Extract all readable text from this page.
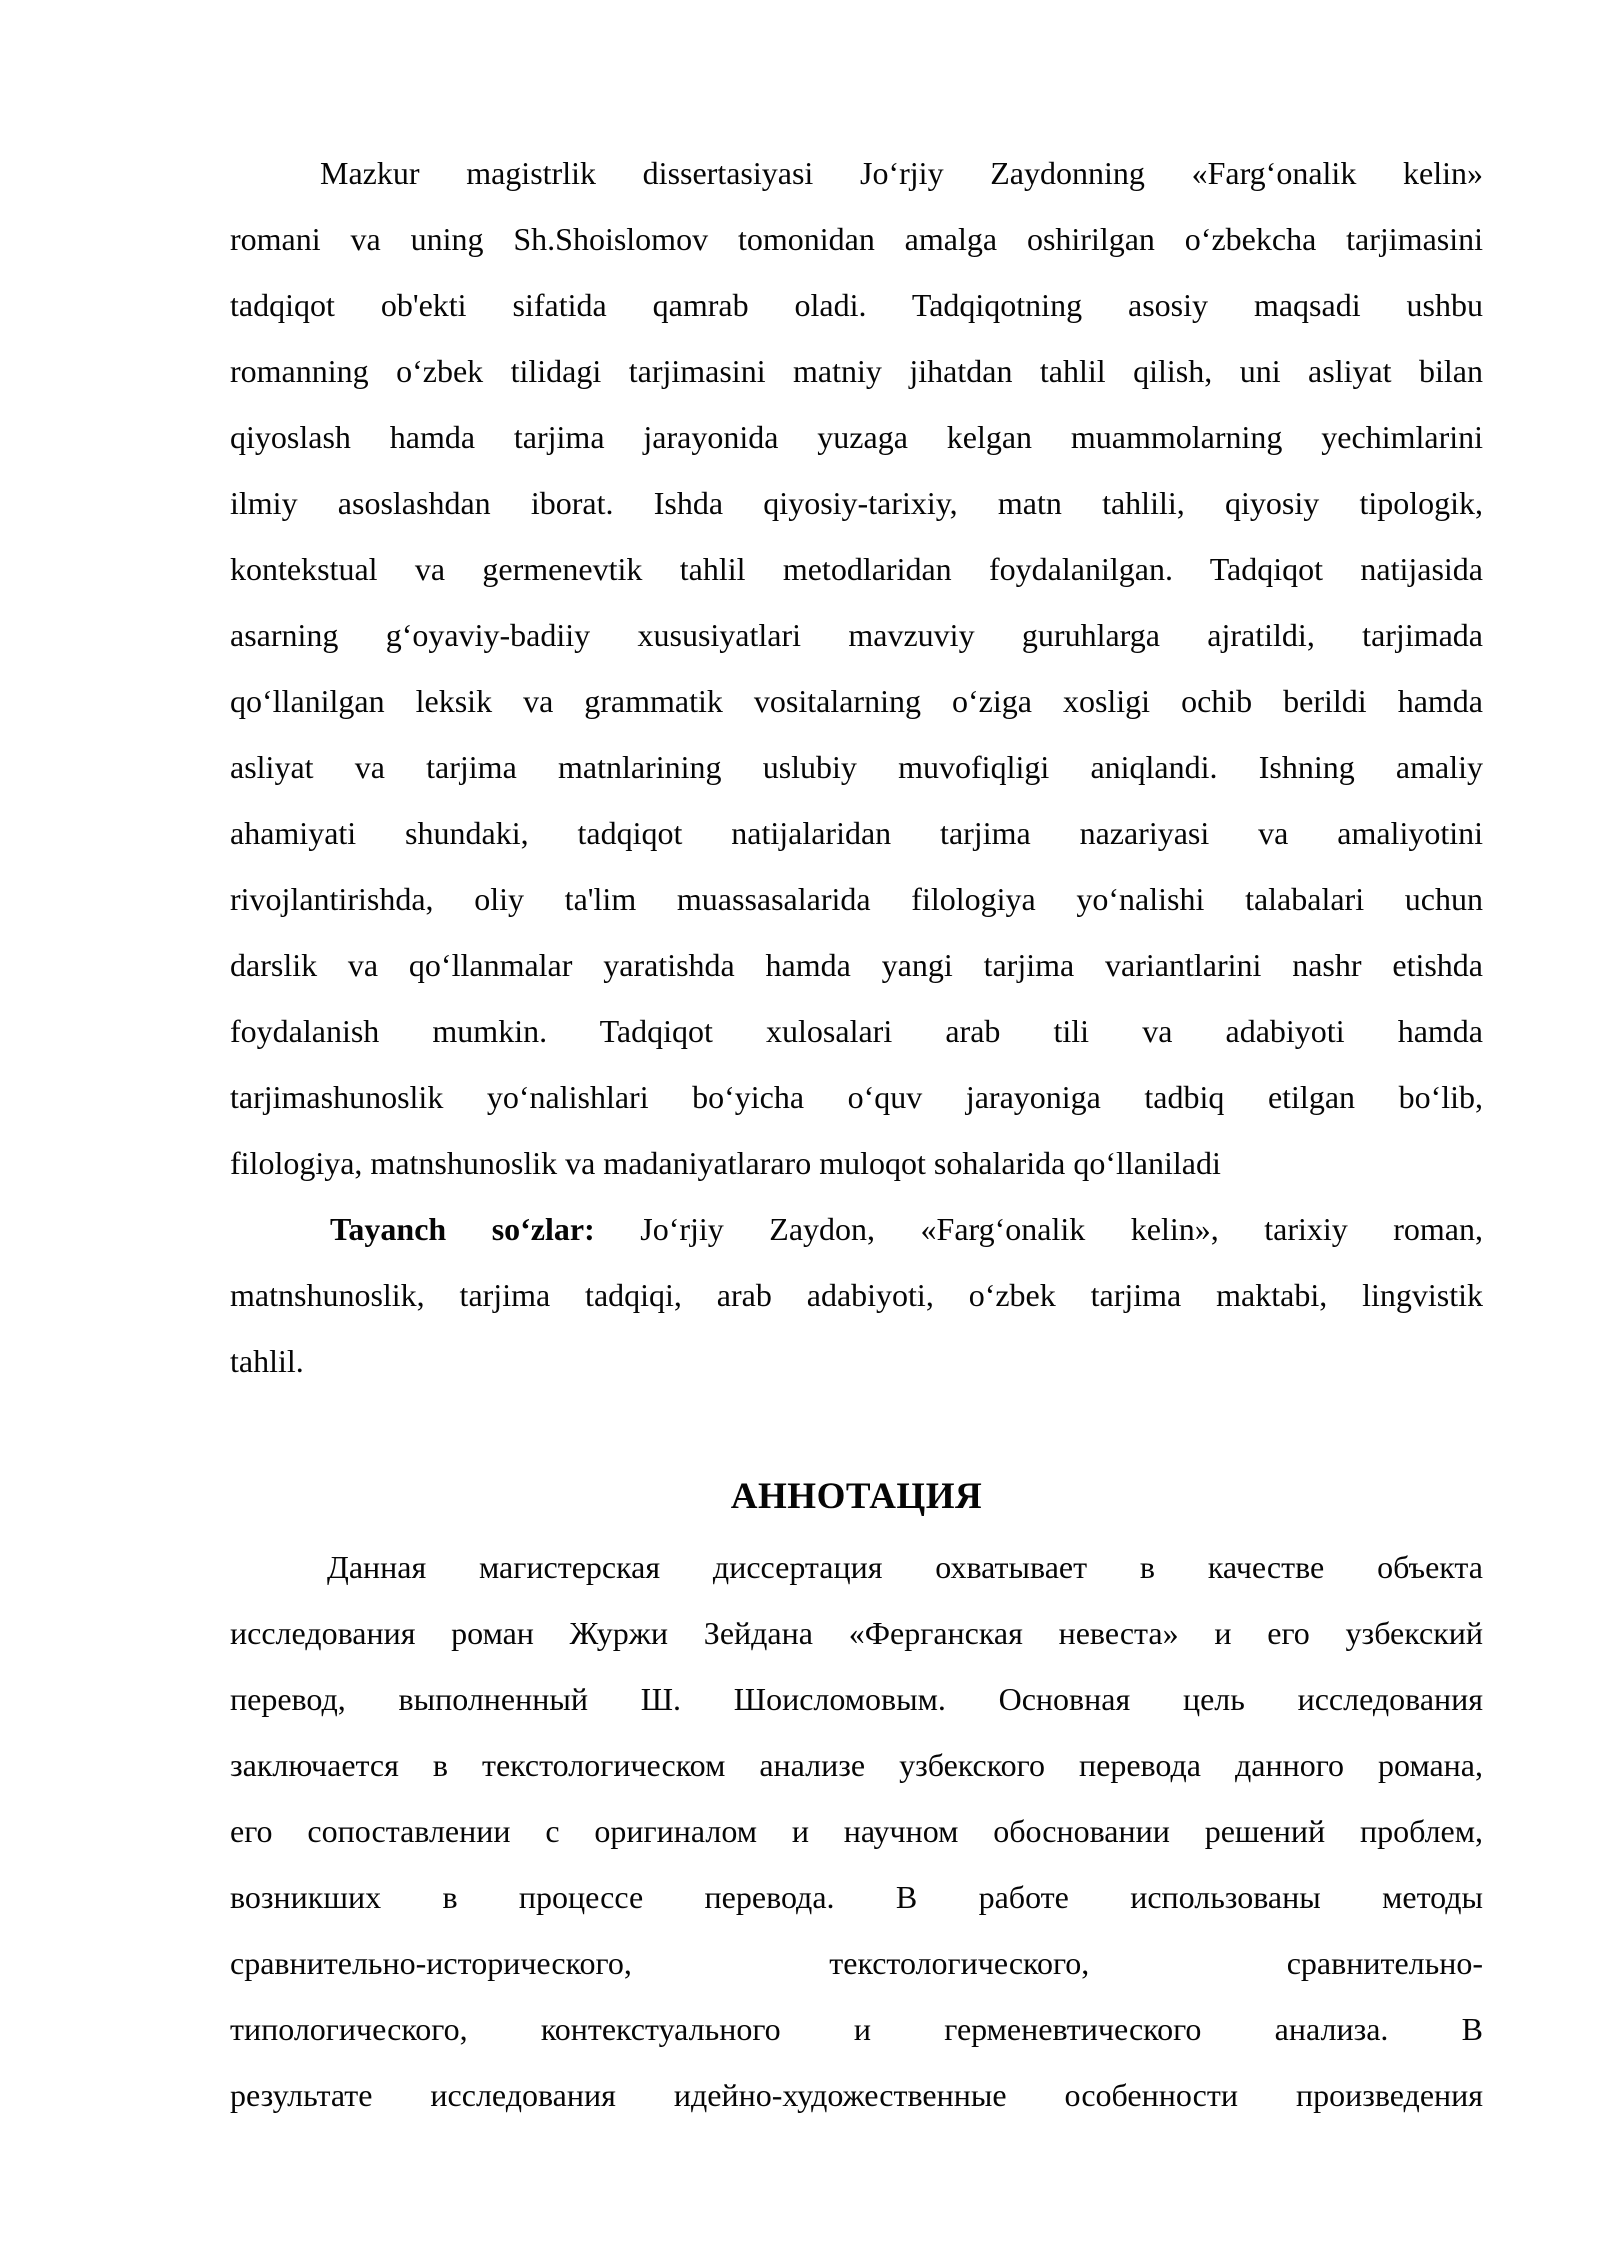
Mazkur magistrlik dissertasiyasi Jo‘rjiy Zaydonning «Farg‘onalik kelin»
romani va uning Sh.Shoislomov tomonidan amalga oshirilgan o‘zbekcha tarjimasini
tadqiqot ob'ekti sifatida qamrab oladi. Tadqiqotning asosiy maqsadi ushbu
romanning o‘zbek tilidagi tarjimasini matniy jihatdan tahlil qilish, uni asliyat bilan
qiyoslash hamda tarjima jarayonida yuzaga kelgan muammolarning yechimlarini
ilmiy asoslashdan iborat. Ishda qiyosiy-tarixiy, matn tahlili, qiyosiy tipologik,
kontekstual va germenevtik tahlil metodlaridan foydalanilgan. Tadqiqot natijasida
asarning g‘oyaviy-badiiy xususiyatlari mavzuviy guruhlarga ajratildi, tarjimada
qo‘llanilgan leksik va grammatik vositalarning o‘ziga xosligi ochib berildi hamda
asliyat va tarjima matnlarining uslubiy muvofiqligi aniqlandi. Ishning amaliy
ahamiyati shundaki, tadqiqot natijalaridan tarjima nazariyasi va amaliyotini
rivojlantirishda, oliy ta'lim muassasalarida filologiya yo‘nalishi talabalari uchun
darslik va qo‘llanmalar yaratishda hamda yangi tarjima variantlarini nashr etishda
foydalanish mumkin. Tadqiqot xulosalari arab tili va adabiyoti hamda
tarjimashunoslik yo‘nalishlari bo‘yicha o‘quv jarayoniga tadbiq etilgan bo‘lib,
filologiya, matnshunoslik va madaniyatlararo muloqot sohalarida qo‘llaniladi
Tayanch so‘zlar: Jo‘rjiy Zaydon, «Farg‘onalik kelin», tarixiy roman,
matnshunoslik, tarjima tadqiqi, arab adabiyoti, o‘zbek tarjima maktabi, lingvistik
tahlil.
АННОТАЦИЯ
Данная магистерская диссертация охватывает в качестве объекта
исследования роман Журжи Зейдана «Ферганская невеста» и его узбекский
перевод, выполненный Ш. Шоисломовым. Основная цель исследования
заключается в текстологическом анализе узбекского перевода данного романа,
его сопоставлении с оригиналом и научном обосновании решений проблем,
возникших в процессе перевода. В работе использованы методы
сравнительно-исторического, текстологического, сравнительно-
типологического, контекстуального и герменевтического анализа. В
результате исследования идейно-художественные особенности произведения
